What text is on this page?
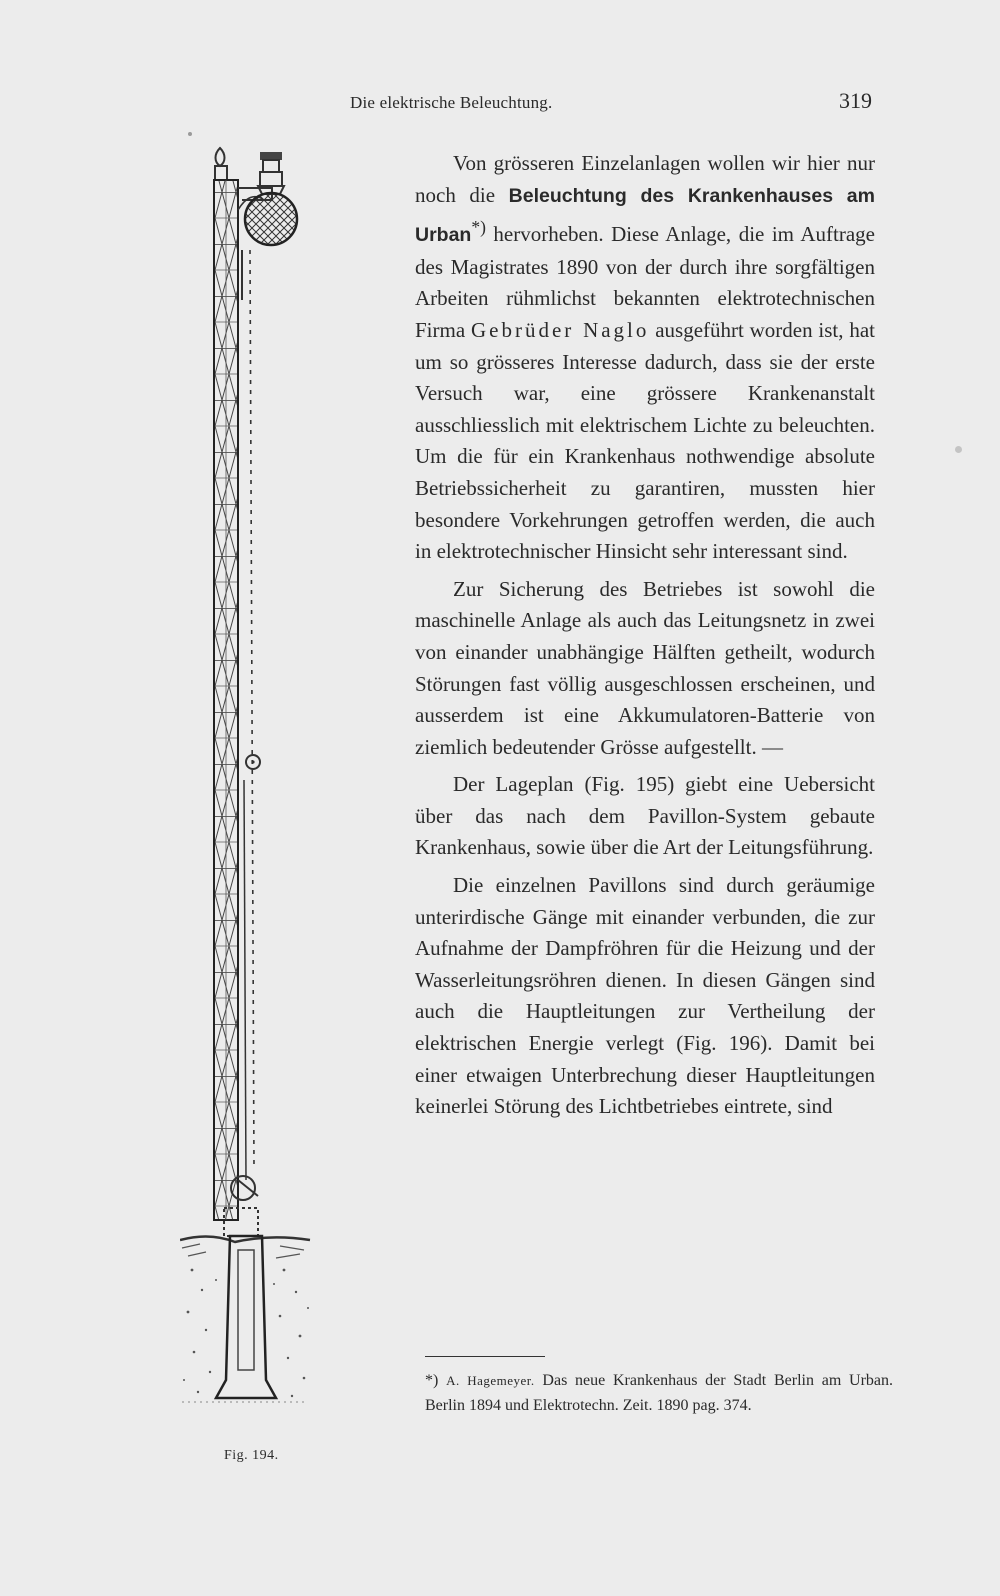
Die elektrische Beleuchtung.	319
Fig. 194.

Von grösseren Einzelanlagen wollen wir hier nur noch die Beleuchtung des Krankenhauses am Urban*) hervorheben. Diese Anlage, die im Auftrage des Magistrates 1890 von der durch ihre sorgfältigen Arbeiten rühmlichst bekannten elektrotechnischen Firma Gebrüder Naglo ausgeführt worden ist, hat um so grösseres Interesse dadurch, dass sie der erste Versuch war, eine grössere Krankenanstalt ausschliesslich mit elektrischem Lichte zu beleuchten. Um die für ein Krankenhaus nothwendige absolute Betriebssicherheit zu garantiren, mussten hier besondere Vorkehrungen getroffen werden, die auch in elektrotechnischer Hinsicht sehr interessant sind.

Zur Sicherung des Betriebes ist sowohl die maschinelle Anlage als auch das Leitungsnetz in zwei von einander unabhängige Hälften getheilt, wodurch Störungen fast völlig ausgeschlossen erscheinen, und ausserdem ist eine Akkumulatoren-Batterie von ziemlich bedeutender Grösse aufgestellt. —

Der Lageplan (Fig. 195) giebt eine Uebersicht über das nach dem Pavillon-System gebaute Krankenhaus, sowie über die Art der Leitungsführung.

Die einzelnen Pavillons sind durch geräumige unterirdische Gänge mit einander verbunden, die zur Aufnahme der Dampfröhren für die Heizung und der Wasserleitungsröhren dienen. In diesen Gängen sind auch die Hauptleitungen zur Vertheilung der elektrischen Energie verlegt (Fig. 196). Damit bei einer etwaigen Unterbrechung dieser Hauptleitungen keinerlei Störung des Lichtbetriebes eintrete, sind

*) A. Hagemeyer. Das neue Krankenhaus der Stadt Berlin am Urban. Berlin 1894 und Elektrotechn. Zeit. 1890 pag. 374.
